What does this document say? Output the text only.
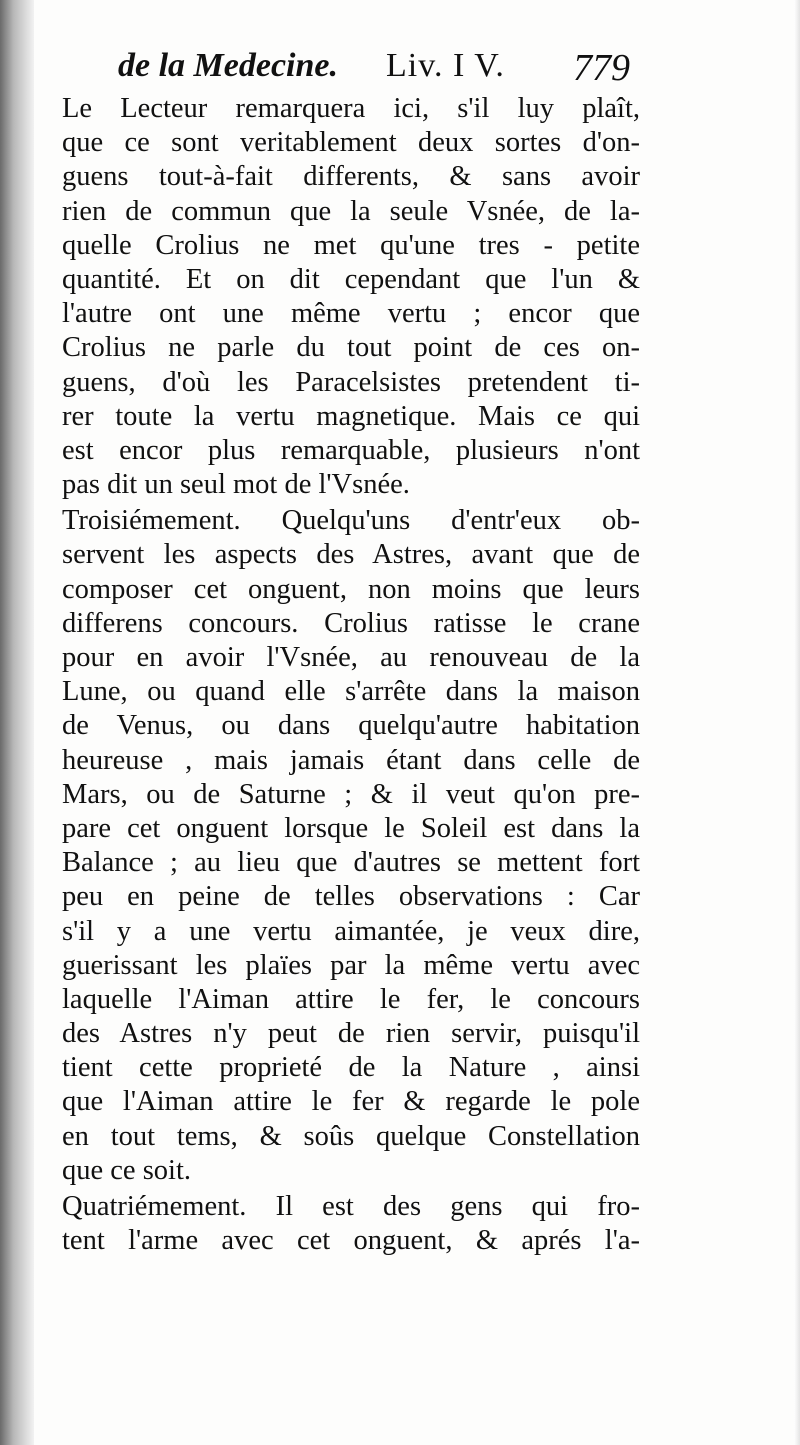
de la Medecine. Liv. I V. 779
Le Lecteur remarquera ici, s'il luy plaît,
que ce sont veritablement deux sortes d'on-
guens tout-à-fait differents, & sans avoir
rien de commun que la seule Vsnée, de la-
quelle Crolius ne met qu'une tres - petite
quantité. Et on dit cependant que l'un &
l'autre ont une même vertu ; encor que
Crolius ne parle du tout point de ces on-
guens, d'où les Paracelsistes pretendent ti-
rer toute la vertu magnetique. Mais ce qui
est encor plus remarquable, plusieurs n'ont
pas dit un seul mot de l'Vsnée.
Troisiémement. Quelqu'uns d'entr'eux ob-
servent les aspects des Astres, avant que de
composer cet onguent, non moins que leurs
differens concours. Crolius ratisse le crane
pour en avoir l'Vsnée, au renouveau de la
Lune, ou quand elle s'arrête dans la maison
de Venus, ou dans quelqu'autre habitation
heureuse , mais jamais étant dans celle de
Mars, ou de Saturne ; & il veut qu'on pre-
pare cet onguent lorsque le Soleil est dans la
Balance ; au lieu que d'autres se mettent fort
peu en peine de telles observations : Car
s'il y a une vertu aimantée, je veux dire,
guerissant les plaïes par la même vertu avec
laquelle l'Aiman attire le fer, le concours
des Astres n'y peut de rien servir, puisqu'il
tient cette proprieté de la Nature , ainsi
que l'Aiman attire le fer & regarde le pole
en tout tems, & soûs quelque Constellation
que ce soit.
Quatriémement. Il est des gens qui fro-
tent l'arme avec cet onguent, & aprés l'a-
